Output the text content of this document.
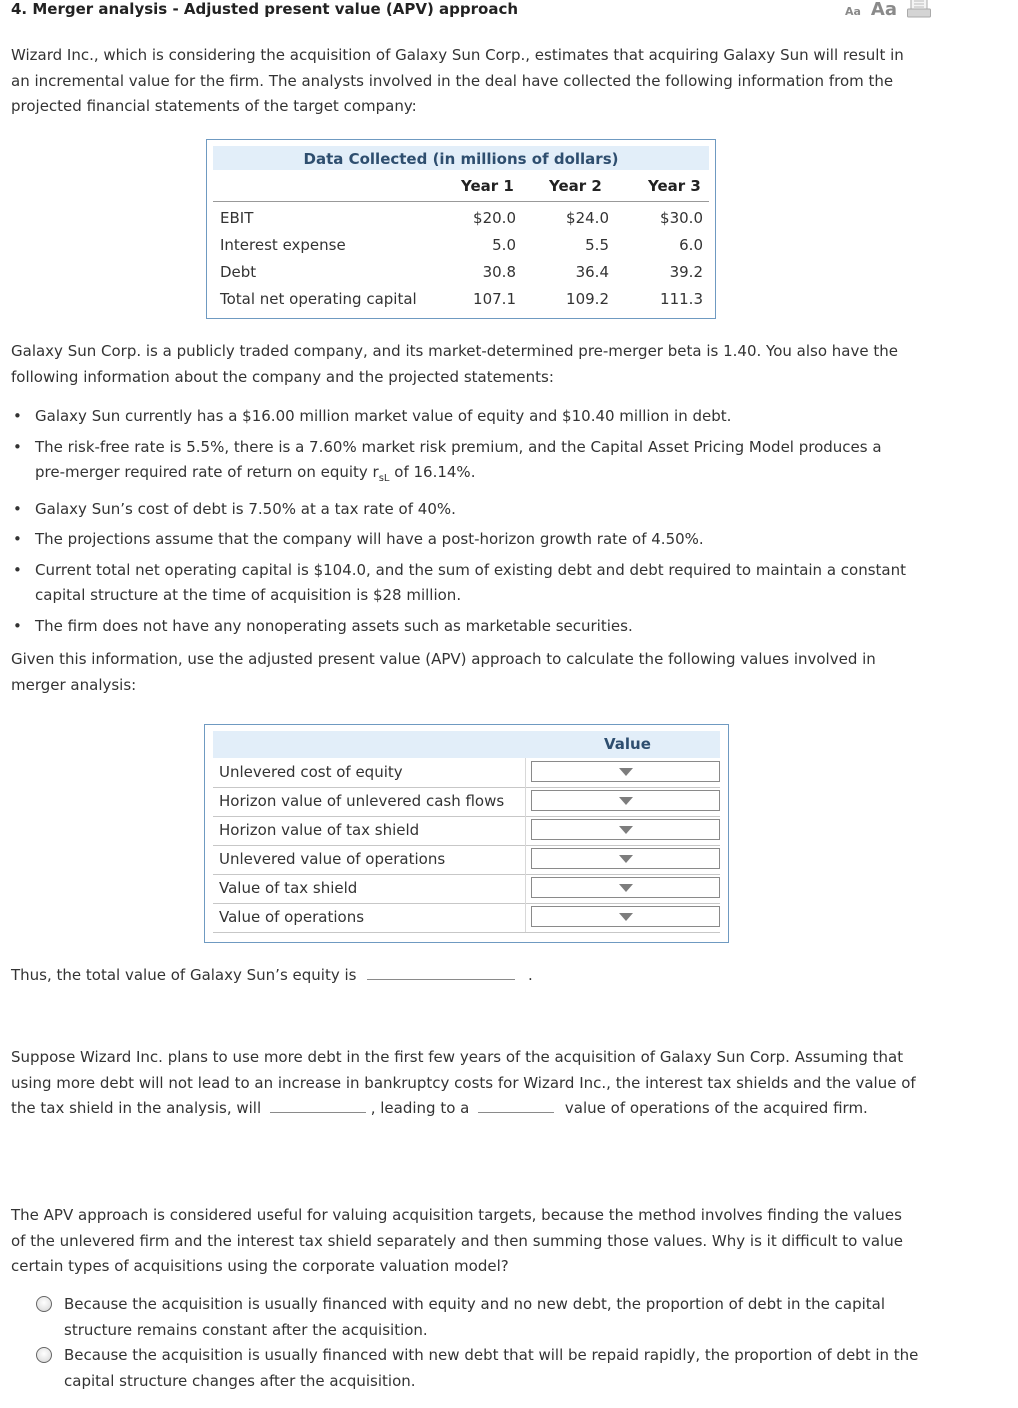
4. Merger analysis - Adjusted present value (APV) approach	Aa Aa

Wizard Inc., which is considering the acquisition of Galaxy Sun Corp., estimates that acquiring Galaxy Sun will result in an incremental value for the firm. The analysts involved in the deal have collected the following information from the projected financial statements of the target company:

Data Collected (in millions of dollars)
Year 1 Year 2	Year 3
EBIT	$20.0	$24.0	$30.0
Interest expense	5.0	5.5	6.0
Debt	30.8	36.4	39.2
Total net operating capital	107.1	109.2	111.3

Galaxy Sun Corp. is a publicly traded company, and its market-determined pre-merger beta is 1.40. You also have the following information about the company and the projected statements:

• Galaxy Sun currently has a $16.00 million market value of equity and $10.40 million in debt.
• The risk-free rate is 5.5%, there is a 7.60% market risk premium, and the Capital Asset Pricing Model produces a pre-merger required rate of return on equity $r_{sL}$ of 16.14%.
• Galaxy Sun’s cost of debt is 7.50% at a tax rate of 40%.
• The projections assume that the company will have a post-horizon growth rate of 4.50%.
• Current total net operating capital is $104.0, and the sum of existing debt and debt required to maintain a constant capital structure at the time of acquisition is $28 million.
• The firm does not have any nonoperating assets such as marketable securities.

Given this information, use the adjusted present value (APV) approach to calculate the following values involved in merger analysis:

Value
Unlevered cost of equity
Horizon value of unlevered cash flows
Horizon value of tax shield
Unlevered value of operations
Value of tax shield
Value of operations

Thus, the total value of Galaxy Sun’s equity is	.

Suppose Wizard Inc. plans to use more debt in the first few years of the acquisition of Galaxy Sun Corp. Assuming that using more debt will not lead to an increase in bankruptcy costs for Wizard Inc., the interest tax shields and the value of the tax shield in the analysis, will	, leading to a	value of operations of the acquired firm.

The APV approach is considered useful for valuing acquisition targets, because the method involves finding the values of the unlevered firm and the interest tax shield separately and then summing those values. Why is it difficult to value certain types of acquisitions using the corporate valuation model?

Because the acquisition is usually financed with equity and no new debt, the proportion of debt in the capital structure remains constant after the acquisition.
Because the acquisition is usually financed with new debt that will be repaid rapidly, the proportion of debt in the capital structure changes after the acquisition.
